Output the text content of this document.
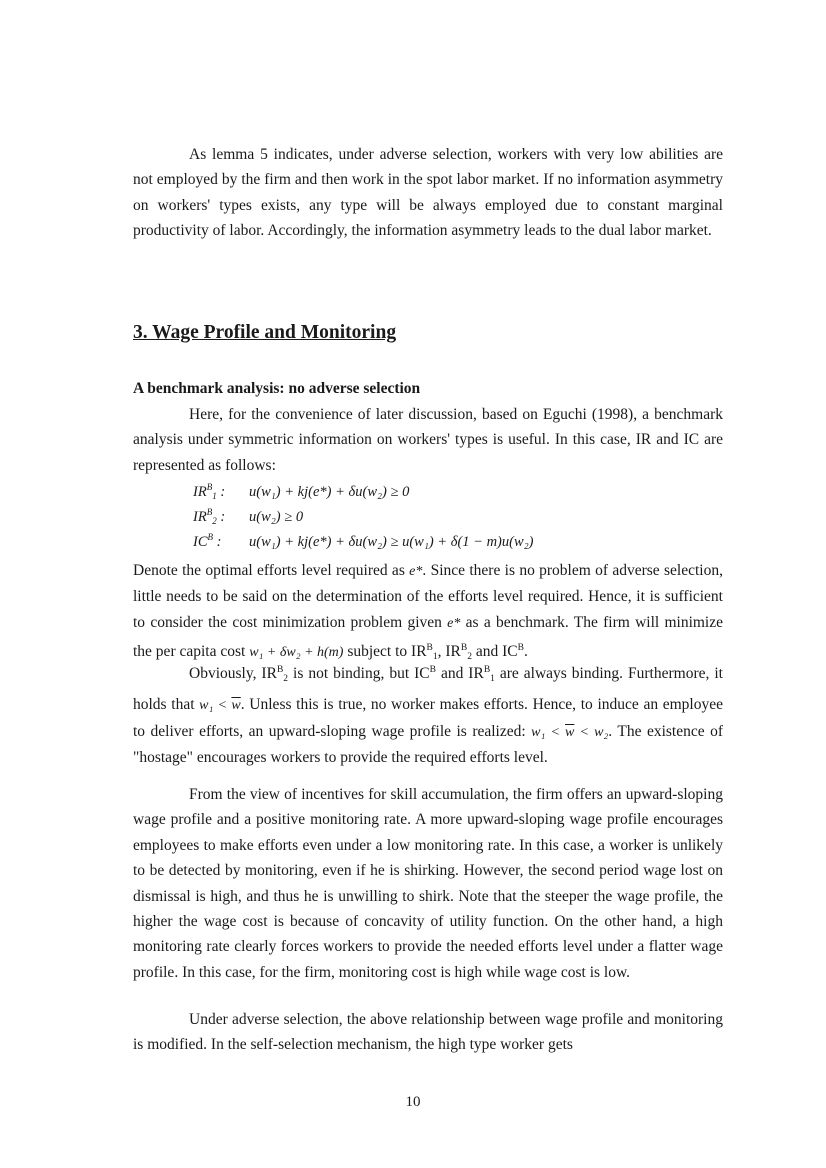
As lemma 5 indicates, under adverse selection, workers with very low abilities are not employed by the firm and then work in the spot labor market. If no information asymmetry on workers' types exists, any type will be always employed due to constant marginal productivity of labor. Accordingly, the information asymmetry leads to the dual labor market.

3. Wage Profile and Monitoring
A benchmark analysis: no adverse selection

Here, for the convenience of later discussion, based on Eguchi (1998), a benchmark analysis under symmetric information on workers' types is useful. In this case, IR and IC are represented as follows:

$IR^B_1$ : u(w₁) + kj(e*) + δu(w₂) ≥ 0
$IR^B_2$ : u(w₂) ≥ 0
$IC^B$ : u(w₁) + kj(e*) + δu(w₂) ≥ u(w₁) + δ(1 − m)u(w₂)

Denote the optimal efforts level required as e*. Since there is no problem of adverse selection, little needs to be said on the determination of the efforts level required. Hence, it is sufficient to consider the cost minimization problem given e* as a benchmark. The firm will minimize the per capita cost w₁ + δw₂ + h(m) subject to $IR^B_1$, $IR^B_2$ and $IC^B$.

Obviously, $IR^B_2$ is not binding, but $IC^B$ and $IR^B_1$ are always binding. Furthermore, it holds that $w_1 < \overline{w}$. Unless this is true, no worker makes efforts. Hence, to induce an employee to deliver efforts, an upward-sloping wage profile is realized: $w_1 < \overline{w} < w_2$. The existence of "hostage" encourages workers to provide the required efforts level.

From the view of incentives for skill accumulation, the firm offers an upward-sloping wage profile and a positive monitoring rate. A more upward-sloping wage profile encourages employees to make efforts even under a low monitoring rate. In this case, a worker is unlikely to be detected by monitoring, even if he is shirking. However, the second period wage lost on dismissal is high, and thus he is unwilling to shirk. Note that the steeper the wage profile, the higher the wage cost is because of concavity of utility function. On the other hand, a high monitoring rate clearly forces workers to provide the needed efforts level under a flatter wage profile. In this case, for the firm, monitoring cost is high while wage cost is low.

Under adverse selection, the above relationship between wage profile and monitoring is modified. In the self-selection mechanism, the high type worker gets

10
